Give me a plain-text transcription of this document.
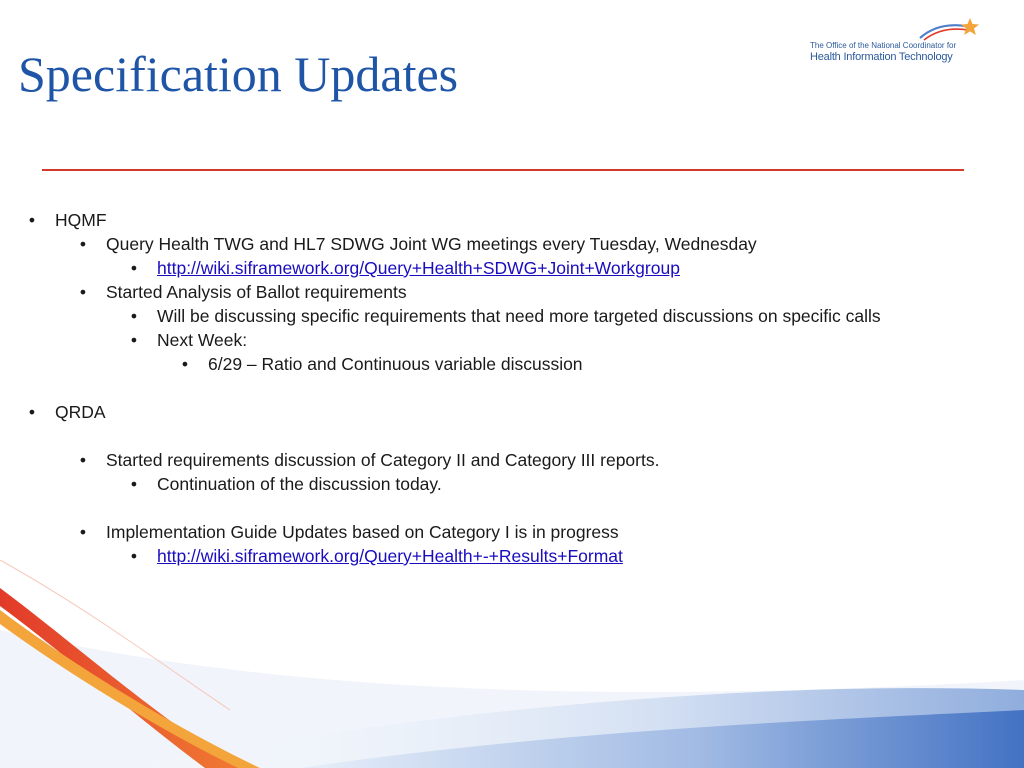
Specification Updates
The Office of the National Coordinator for
Health Information Technology
• HQMF
• Query Health TWG and HL7 SDWG Joint WG meetings every Tuesday, Wednesday
• http://wiki.siframework.org/Query+Health+SDWG+Joint+Workgroup
• Started Analysis of Ballot requirements
• Will be discussing specific requirements that need more targeted discussions on specific calls
• Next Week:
• 6/29 – Ratio and Continuous variable discussion
• QRDA
• Started requirements discussion of Category II and Category III reports.
• Continuation of the discussion today.
• Implementation Guide Updates based on Category I is in progress
• http://wiki.siframework.org/Query+Health+-+Results+Format
